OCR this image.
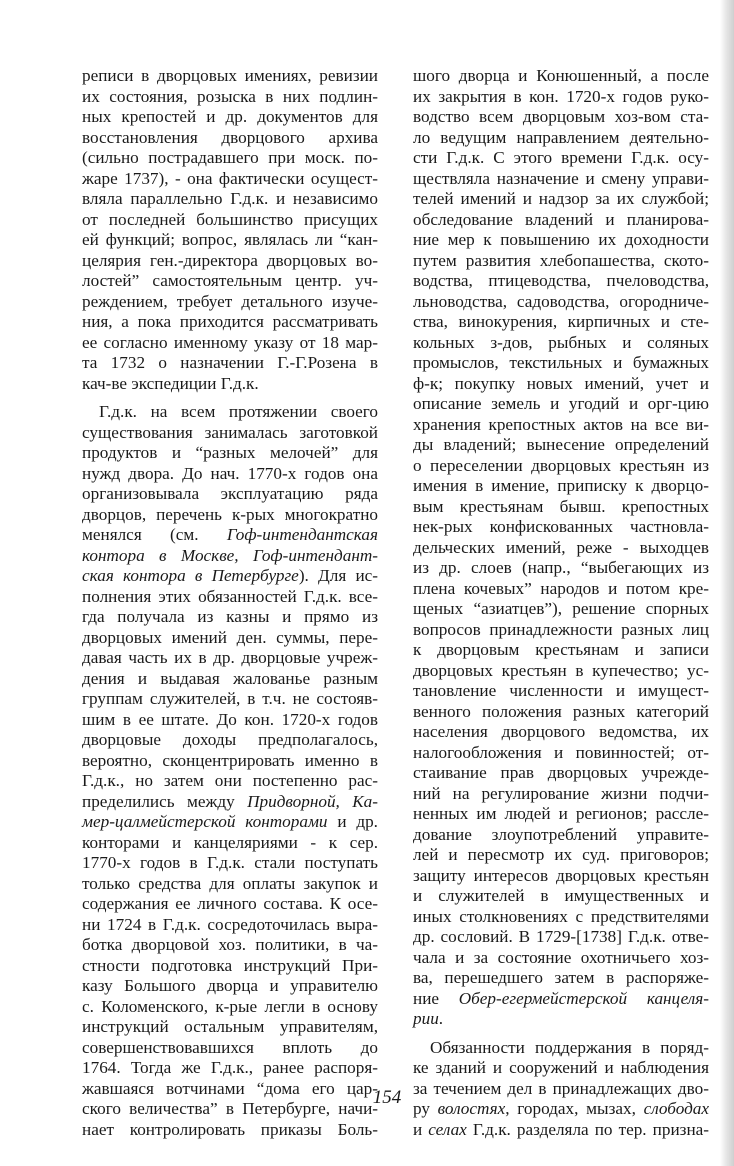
реписи в дворцовых имениях, ревизии
их состояния, розыска в них подлин-
ных крепостей и др. документов для
восстановления дворцового архива
(сильно пострадавшего при моск. по-
жаре 1737), - она фактически осущест-
вляла параллельно Г.д.к. и независимо
от последней большинство присущих
ей функций; вопрос, являлась ли “кан-
целярия ген.-директора дворцовых во-
лостей” самостоятельным центр. уч-
реждением, требует детального изуче-
ния, а пока приходится рассматривать
ее согласно именному указу от 18 мар-
та 1732 о назначении Г.-Г.Розена в
кач-ве экспедиции Г.д.к.
Г.д.к. на всем протяжении своего
существования занималась заготовкой
продуктов и “разных мелочей” для
нужд двора. До нач. 1770-х годов она
организовывала эксплуатацию ряда
дворцов, перечень к-рых многократно
менялся (см. Гоф-интендантская
контора в Москве, Гоф-интендант-
ская контора в Петербурге). Для ис-
полнения этих обязанностей Г.д.к. все-
гда получала из казны и прямо из
дворцовых имений ден. суммы, пере-
давая часть их в др. дворцовые учреж-
дения и выдавая жалованье разным
группам служителей, в т.ч. не состояв-
шим в ее штате. До кон. 1720-х годов
дворцовые доходы предполагалось,
вероятно, сконцентрировать именно в
Г.д.к., но затем они постепенно рас-
пределились между Придворной, Ка-
мер-цалмейстерской конторами и др.
конторами и канцеляриями - к сер.
1770-х годов в Г.д.к. стали поступать
только средства для оплаты закупок и
содержания ее личного состава. К осе-
ни 1724 в Г.д.к. сосредоточилась выра-
ботка дворцовой хоз. политики, в ча-
стности подготовка инструкций При-
казу Большого дворца и управителю
с. Коломенского, к-рые легли в основу
инструкций остальным управителям,
совершенствовавшихся вплоть до
1764. Тогда же Г.д.к., ранее распоря-
жавшаяся вотчинами “дома его цар-
ского величества” в Петербурге, начи-
нает контролировать приказы Боль-
шого дворца и Конюшенный, а после
их закрытия в кон. 1720-х годов руко-
водство всем дворцовым хоз-вом ста-
ло ведущим направлением деятельно-
сти Г.д.к. С этого времени Г.д.к. осу-
ществляла назначение и смену управи-
телей имений и надзор за их службой;
обследование владений и планирова-
ние мер к повышению их доходности
путем развития хлебопашества, ското-
водства, птицеводства, пчеловодства,
льноводства, садоводства, огородниче-
ства, винокурения, кирпичных и сте-
кольных з-дов, рыбных и соляных
промыслов, текстильных и бумажных
ф-к; покупку новых имений, учет и
описание земель и угодий и орг-цию
хранения крепостных актов на все ви-
ды владений; вынесение определений
о переселении дворцовых крестьян из
имения в имение, приписку к дворцо-
вым крестьянам бывш. крепостных
нек-рых конфискованных частновла-
дельческих имений, реже - выходцев
из др. слоев (напр., “выбегающих из
плена кочевых” народов и потом кре-
щеных “азиатцев”), решение спорных
вопросов принадлежности разных лиц
к дворцовым крестьянам и записи
дворцовых крестьян в купечество; ус-
тановление численности и имущест-
венного положения разных категорий
населения дворцового ведомства, их
налогообложения и повинностей; от-
стаивание прав дворцовых учрежде-
ний на регулирование жизни подчи-
ненных им людей и регионов; рассле-
дование злоупотреблений управите-
лей и пересмотр их суд. приговоров;
защиту интересов дворцовых крестьян
и служителей в имущественных и
иных столкновениях с предствителями
др. сословий. В 1729-[1738] Г.д.к. отве-
чала и за состояние охотничьего хоз-
ва, перешедшего затем в распоряже-
ние Обер-егермейстерской канцеля-
рии.
Обязанности поддержания в поряд-
ке зданий и сооружений и наблюдения
за течением дел в принадлежащих дво-
ру волостях, городах, мызах, слободах
и селах Г.д.к. разделяла по тер. призна-
154
